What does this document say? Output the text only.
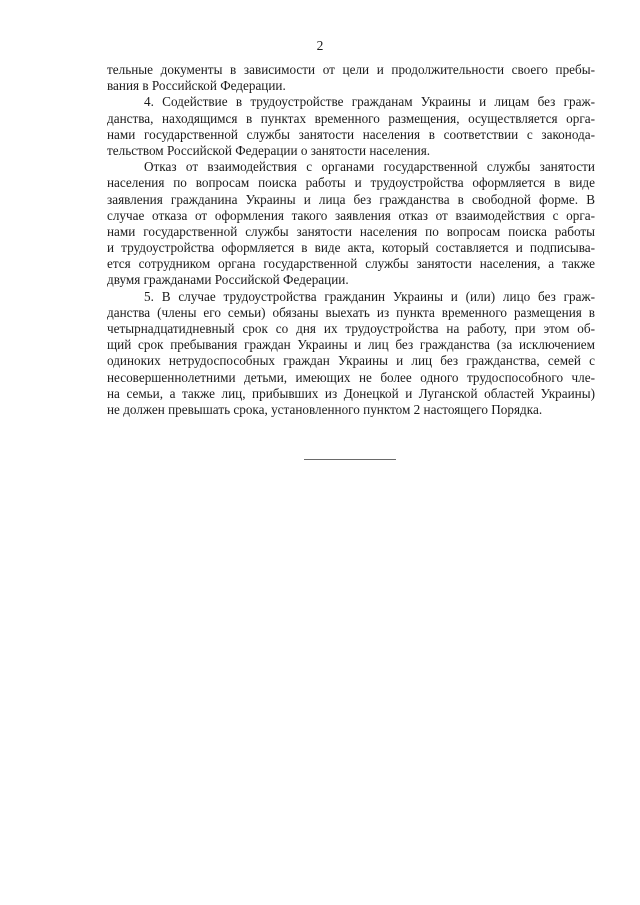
2
тельные документы в зависимости от цели и продолжительности своего пребы-
вания в Российской Федерации.
4. Содействие в трудоустройстве гражданам Украины и лицам без граж-
данства, находящимся в пунктах временного размещения, осуществляется орга-
нами государственной службы занятости населения в соответствии с законода-
тельством Российской Федерации о занятости населения.
Отказ от взаимодействия с органами государственной службы занятости
населения по вопросам поиска работы и трудоустройства оформляется в виде
заявления гражданина Украины и лица без гражданства в свободной форме. В
случае отказа от оформления такого заявления отказ от взаимодействия с орга-
нами государственной службы занятости населения по вопросам поиска работы
и трудоустройства оформляется в виде акта, который составляется и подписыва-
ется сотрудником органа государственной службы занятости населения, а также
двумя гражданами Российской Федерации.
5. В случае трудоустройства гражданин Украины и (или) лицо без граж-
данства (члены его семьи) обязаны выехать из пункта временного размещения в
четырнадцатидневный срок со дня их трудоустройства на работу, при этом об-
щий срок пребывания граждан Украины и лиц без гражданства (за исключением
одиноких нетрудоспособных граждан Украины и лиц без гражданства, семей с
несовершеннолетними детьми, имеющих не более одного трудоспособного чле-
на семьи, а также лиц, прибывших из Донецкой и Луганской областей Украины)
не должен превышать срока, установленного пунктом 2 настоящего Порядка.
